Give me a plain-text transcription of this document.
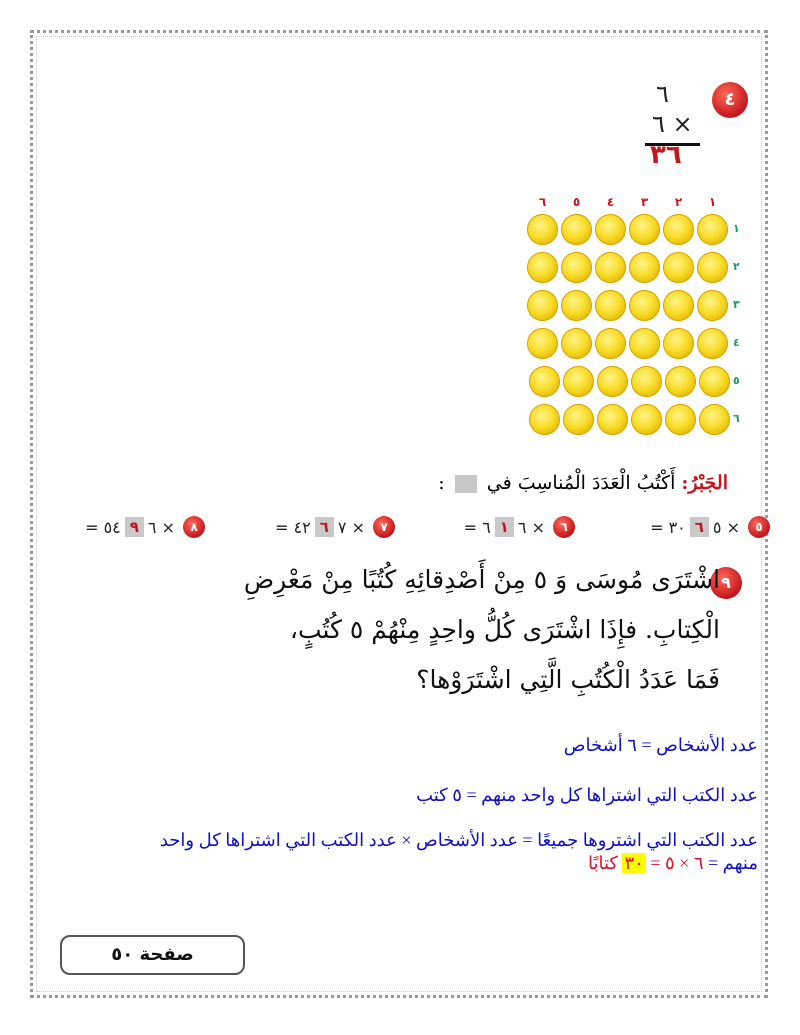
٤
٦
٦ ×
٣٦
٦	٥	٤	٣	٢	١
١
٢
٣
٤
٥
٦
الجَبْرُ: أَكْتُبُ الْعَدَدَ الْمُناسِبَ في  :
= ٣٠ ٦ ٥ ×	٥
= ٦ ١ ٦ ×	٦
= ٤٢ ٦ ٧ ×	٧
= ٥٤ ٩ ٦ ×	٨
٩
اشْتَرَى مُوسَى وَ ٥ مِنْ أَصْدِقائِهِ كُتُبًا مِنْ مَعْرِضِ
الْكِتابِ. فإِذَا اشْتَرَى كُلُّ واحِدٍ مِنْهُمْ ٥ كُتُبٍ،
فَمَا عَدَدُ الْكُتُبِ الَّتِي اشْتَرَوْها؟
عدد الأشخاص = ٦ أشخاص
عدد الكتب التي اشتراها كل واحد منهم = ٥ كتب
عدد الكتب التي اشتروها جميعًا = عدد الأشخاص × عدد الكتب التي اشتراها كل واحد
منهم = ٦ × ٥ = ٣٠ كتابًا
صفحة ٥٠
